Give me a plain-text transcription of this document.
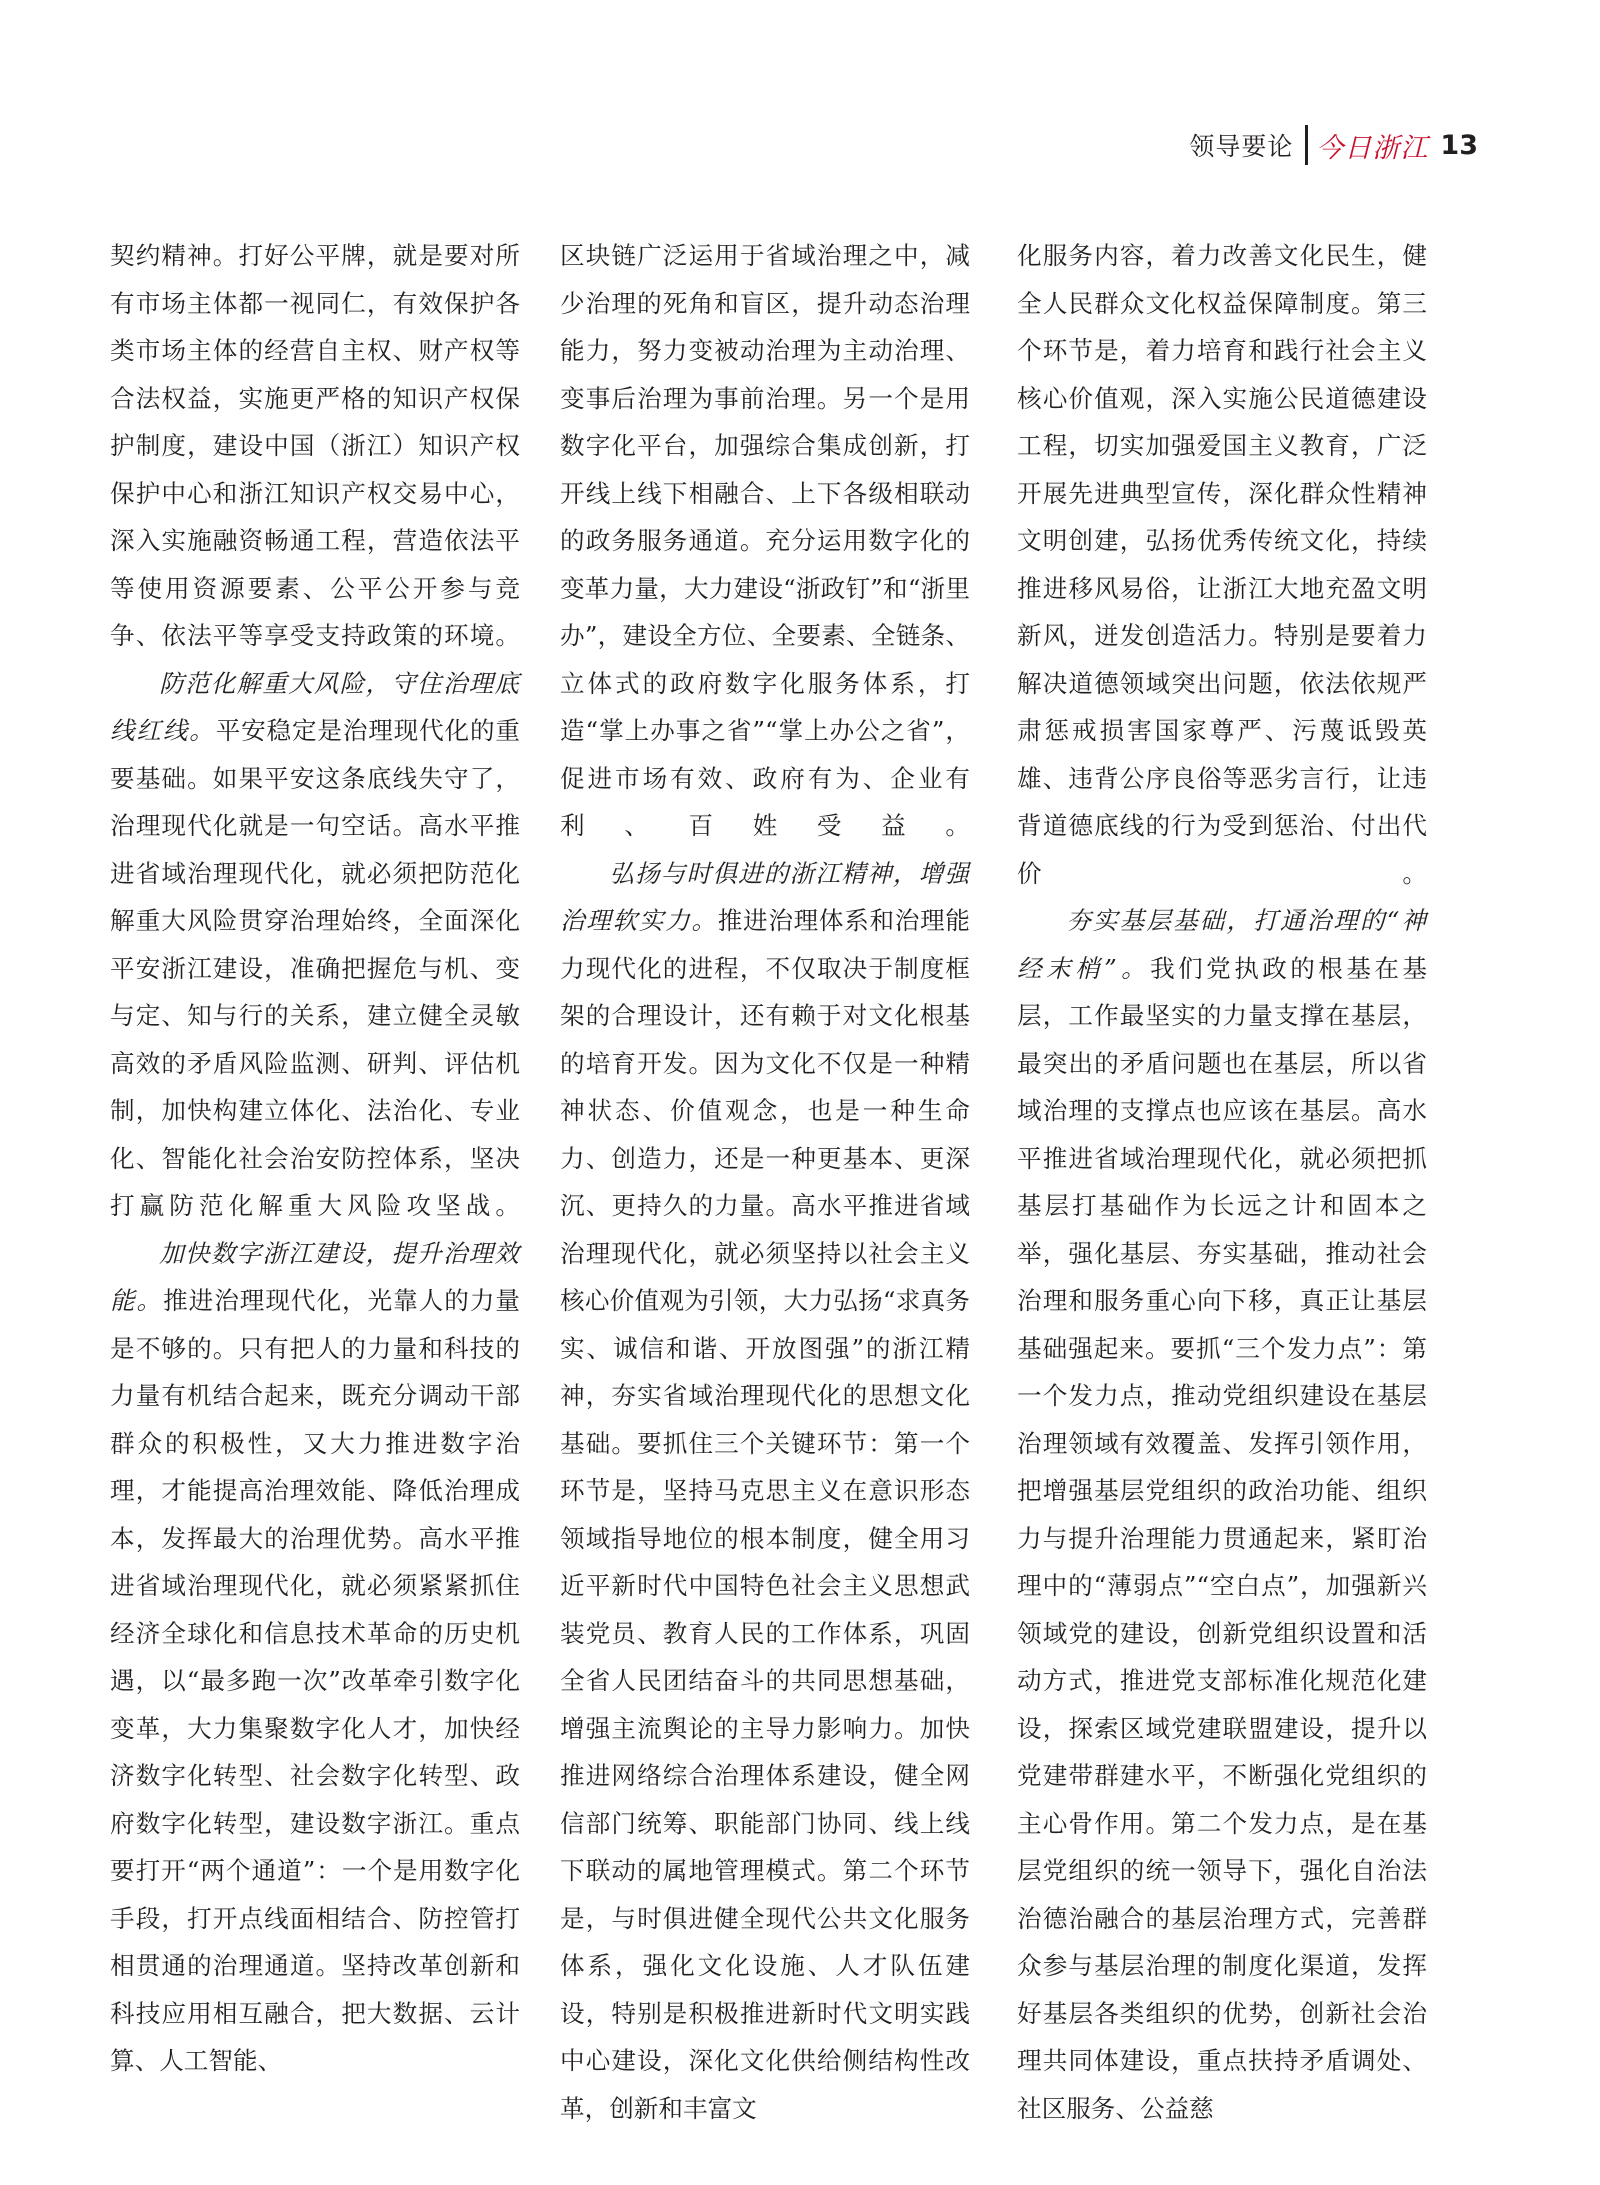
领导要论 今日浙江 13

契约精神。打好公平牌，就是要对所有市场主体都一视同仁，有效保护各类市场主体的经营自主权、财产权等合法权益，实施更严格的知识产权保护制度，建设中国（浙江）知识产权保护中心和浙江知识产权交易中心，深入实施融资畅通工程，营造依法平等使用资源要素、公平公开参与竞争、依法平等享受支持政策的环境。

防范化解重大风险，守住治理底线红线。平安稳定是治理现代化的重要基础。如果平安这条底线失守了，治理现代化就是一句空话。高水平推进省域治理现代化，就必须把防范化解重大风险贯穿治理始终，全面深化平安浙江建设，准确把握危与机、变与定、知与行的关系，建立健全灵敏高效的矛盾风险监测、研判、评估机制，加快构建立体化、法治化、专业化、智能化社会治安防控体系，坚决打赢防范化解重大风险攻坚战。

加快数字浙江建设，提升治理效能。推进治理现代化，光靠人的力量是不够的。只有把人的力量和科技的力量有机结合起来，既充分调动干部群众的积极性，又大力推进数字治理，才能提高治理效能、降低治理成本，发挥最大的治理优势。高水平推进省域治理现代化，就必须紧紧抓住经济全球化和信息技术革命的历史机遇，以“最多跑一次”改革牵引数字化变革，大力集聚数字化人才，加快经济数字化转型、社会数字化转型、政府数字化转型，建设数字浙江。重点要打开“两个通道”：一个是用数字化手段，打开点线面相结合、防控管打相贯通的治理通道。坚持改革创新和科技应用相互融合，把大数据、云计算、人工智能、

区块链广泛运用于省域治理之中，减少治理的死角和盲区，提升动态治理能力，努力变被动治理为主动治理、变事后治理为事前治理。另一个是用数字化平台，加强综合集成创新，打开线上线下相融合、上下各级相联动的政务服务通道。充分运用数字化的变革力量，大力建设“浙政钉”和“浙里办”，建设全方位、全要素、全链条、立体式的政府数字化服务体系，打造“掌上办事之省”“掌上办公之省”，促进市场有效、政府有为、企业有利、百姓受益。

弘扬与时俱进的浙江精神，增强治理软实力。推进治理体系和治理能力现代化的进程，不仅取决于制度框架的合理设计，还有赖于对文化根基的培育开发。因为文化不仅是一种精神状态、价值观念，也是一种生命力、创造力，还是一种更基本、更深沉、更持久的力量。高水平推进省域治理现代化，就必须坚持以社会主义核心价值观为引领，大力弘扬“求真务实、诚信和谐、开放图强”的浙江精神，夯实省域治理现代化的思想文化基础。要抓住三个关键环节：第一个环节是，坚持马克思主义在意识形态领域指导地位的根本制度，健全用习近平新时代中国特色社会主义思想武装党员、教育人民的工作体系，巩固全省人民团结奋斗的共同思想基础，增强主流舆论的主导力影响力。加快推进网络综合治理体系建设，健全网信部门统筹、职能部门协同、线上线下联动的属地管理模式。第二个环节是，与时俱进健全现代公共文化服务体系，强化文化设施、人才队伍建设，特别是积极推进新时代文明实践中心建设，深化文化供给侧结构性改革，创新和丰富文

化服务内容，着力改善文化民生，健全人民群众文化权益保障制度。第三个环节是，着力培育和践行社会主义核心价值观，深入实施公民道德建设工程，切实加强爱国主义教育，广泛开展先进典型宣传，深化群众性精神文明创建，弘扬优秀传统文化，持续推进移风易俗，让浙江大地充盈文明新风，迸发创造活力。特别是要着力解决道德领域突出问题，依法依规严肃惩戒损害国家尊严、污蔑诋毁英雄、违背公序良俗等恶劣言行，让违背道德底线的行为受到惩治、付出代价。

夯实基层基础，打通治理的“神经末梢”。我们党执政的根基在基层，工作最坚实的力量支撑在基层，最突出的矛盾问题也在基层，所以省域治理的支撑点也应该在基层。高水平推进省域治理现代化，就必须把抓基层打基础作为长远之计和固本之举，强化基层、夯实基础，推动社会治理和服务重心向下移，真正让基层基础强起来。要抓“三个发力点”：第一个发力点，推动党组织建设在基层治理领域有效覆盖、发挥引领作用，把增强基层党组织的政治功能、组织力与提升治理能力贯通起来，紧盯治理中的“薄弱点”“空白点”，加强新兴领域党的建设，创新党组织设置和活动方式，推进党支部标准化规范化建设，探索区域党建联盟建设，提升以党建带群建水平，不断强化党组织的主心骨作用。第二个发力点，是在基层党组织的统一领导下，强化自治法治德治融合的基层治理方式，完善群众参与基层治理的制度化渠道，发挥好基层各类组织的优势，创新社会治理共同体建设，重点扶持矛盾调处、社区服务、公益慈
